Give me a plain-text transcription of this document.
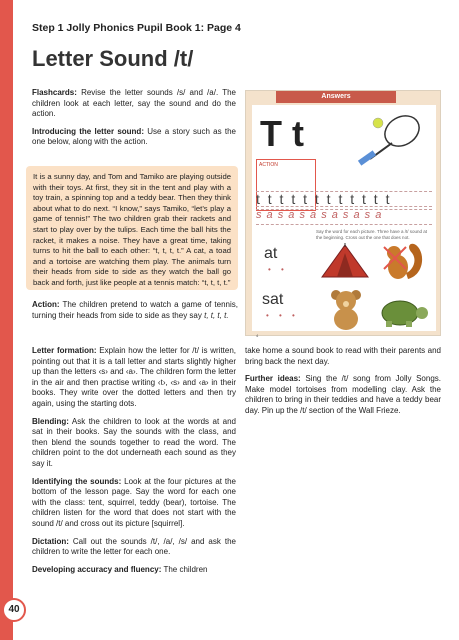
40
Step 1 Jolly Phonics Pupil Book 1: Page 4
Letter Sound /t/

Flashcards: Revise the letter sounds /s/ and /a/. The children look at each letter, say the sound and do the action.

Introducing the letter sound: Use a story such as the one below, along with the action.

It is a sunny day, and Tom and Tamiko are playing outside with their toys. At first, they sit in the tent and play with a toy train, a spinning top and a teddy bear. Then they think about what to do next. “I know,” says Tamiko, “let’s play a game of tennis!” The two children grab their rackets and start to play over by the tulips. Each time the ball hits the racket, it makes a noise. They have a great time, taking turns to hit the ball to each other: “t, t, t, t.” A cat, a toad and a tortoise are watching them play. The animals turn their heads from side to side as they watch the ball go back and forth, just like people at a tennis match: “t, t, t, t.”

Action: The children pretend to watch a game of tennis, turning their heads from side to side as they say t, t, t, t.

Letter formation: Explain how the letter for /t/ is written, pointing out that it is a tall letter and starts slightly higher up than the letters ‹s› and ‹a›. The children form the letter in the air and then practise writing ‹t›, ‹s› and ‹a› in their books. They write over the dotted letters and then try again, using the starting dots.

Blending: Ask the children to look at the words at and sat in their books. Say the sounds with the class, and then blend the sounds together to read the word. The children point to the dot underneath each sound as they say it.

Identifying the sounds: Look at the four pictures at the bottom of the lesson page. Say the word for each one with the class: tent, squirrel, teddy (bear), tortoise. The children listen for the word that does not start with the sound /t/ and cross out its picture [squirrel].

Dictation: Call out the sounds /t/, /a/, /s/ and ask the children to write the letter for each one.

Developing accuracy and fluency: The children

take home a sound book to read with their parents and bring back the next day.

Further ideas: Sing the /t/ song from Jolly Songs. Make model tortoises from modelling clay. Ask the children to bring in their teddies and have a teddy bear day. Pin up the /t/ section of the Wall Frieze.

Answers
T t
ACTION
t t t t t t t t t t t t
s a s a s a s a s a s a
Say the word for each picture. Three have a /t/ sound at the beginning. Cross out the one that does not.
at
• •
sat
• • •
4
